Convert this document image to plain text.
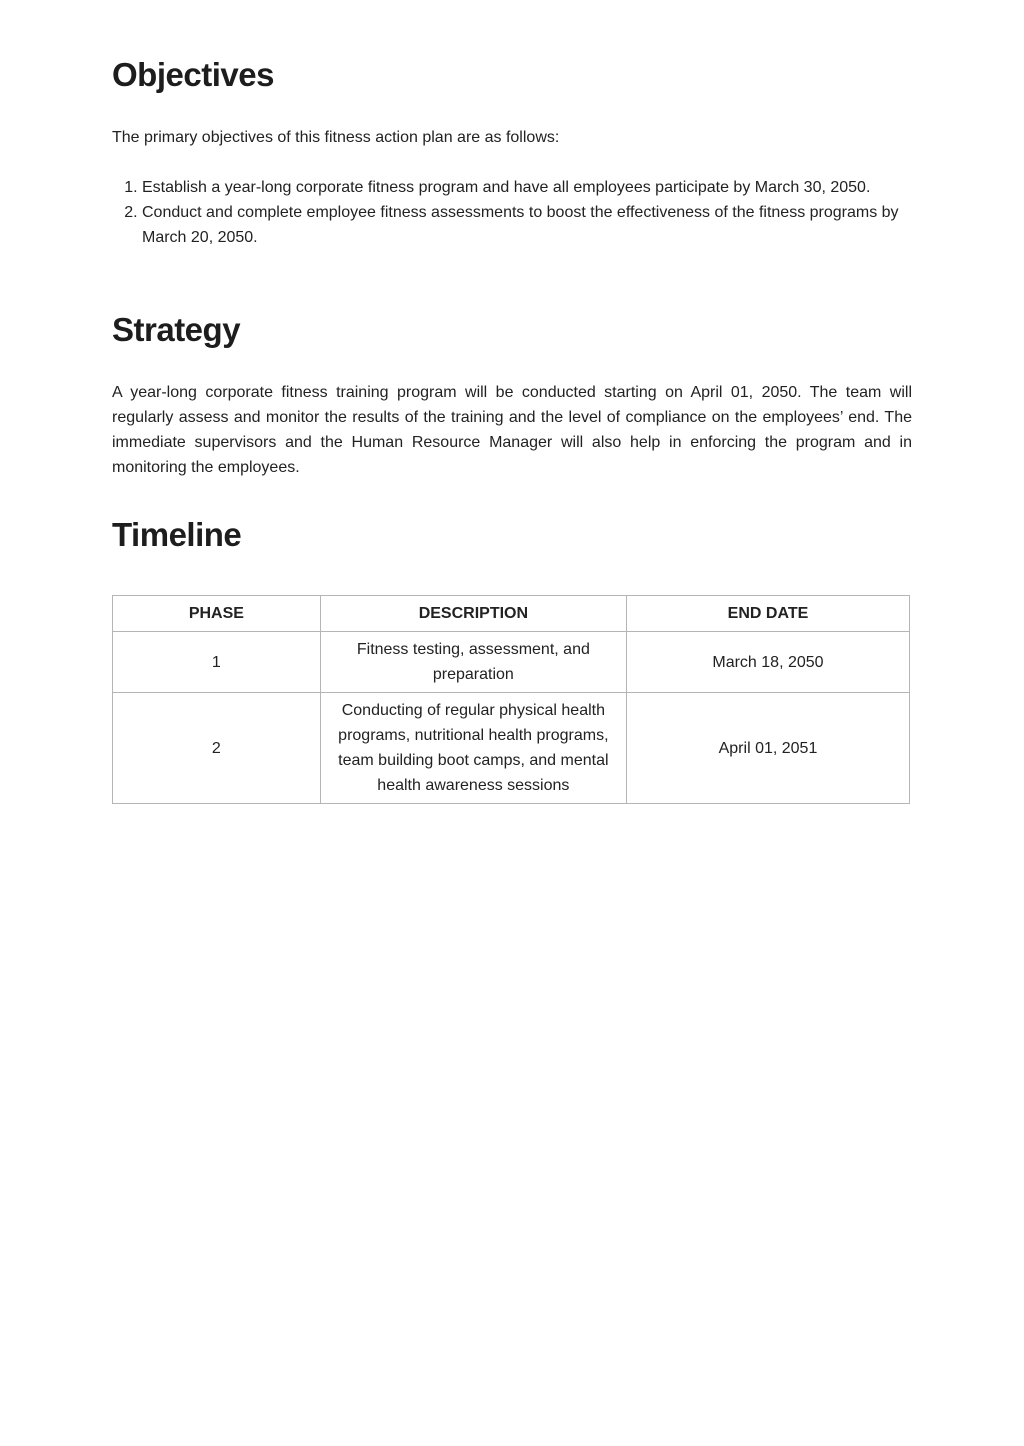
Objectives

The primary objectives of this fitness action plan are as follows:

1. Establish a year-long corporate fitness program and have all employees participate by March 30, 2050.
2. Conduct and complete employee fitness assessments to boost the effectiveness of the fitness programs by March 20, 2050.
Strategy

A year-long corporate fitness training program will be conducted starting on April 01, 2050. The team will regularly assess and monitor the results of the training and the level of compliance on the employees’ end. The immediate supervisors and the Human Resource Manager will also help in enforcing the program and in monitoring the employees.

Timeline
PHASE	DESCRIPTION	END DATE
1	Fitness testing, assessment, and preparation	March 18, 2050
2	Conducting of regular physical health programs, nutritional health programs, team building boot camps, and mental health awareness sessions	April 01, 2051
